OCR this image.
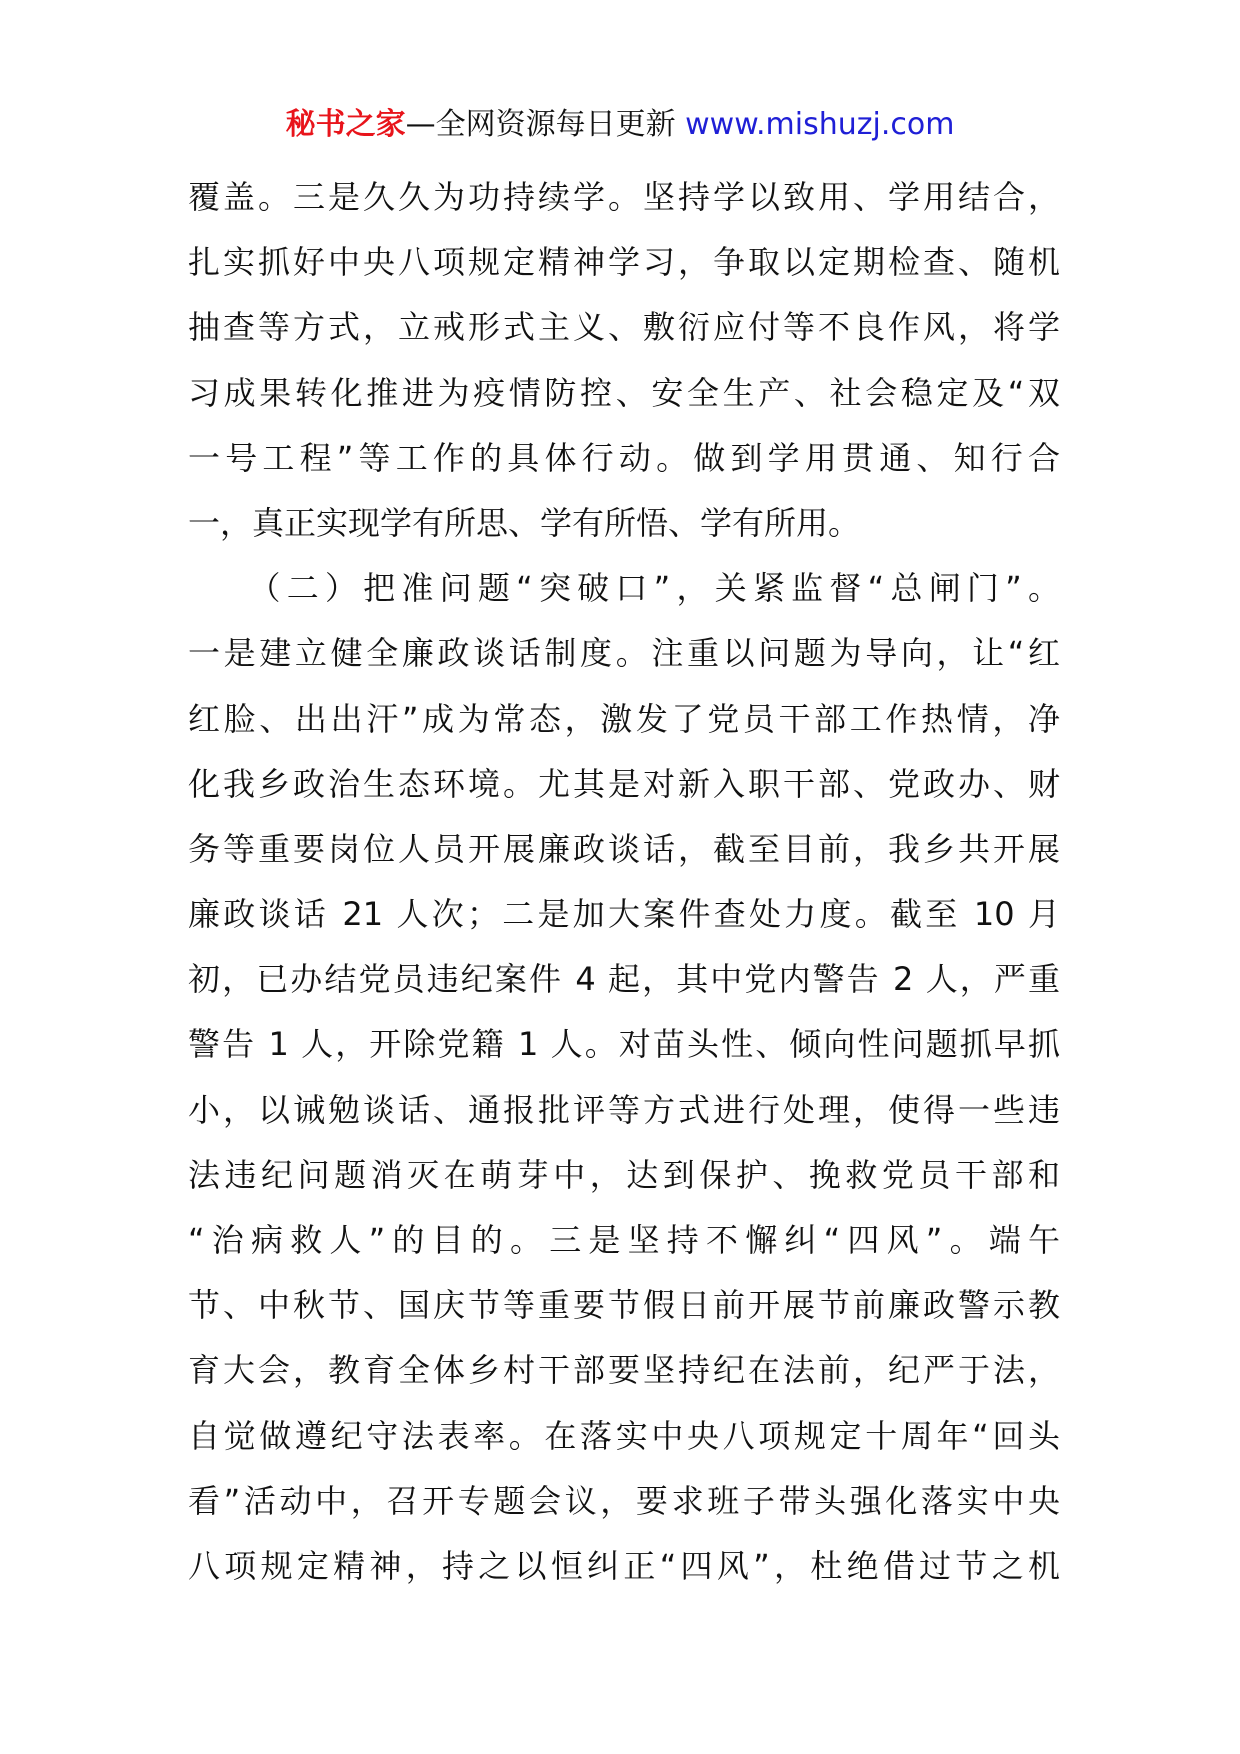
秘书之家—全网资源每日更新 www.mishuzj.com
覆盖。三是久久为功持续学。坚持学以致用、学用结合，
扎实抓好中央八项规定精神学习，争取以定期检查、随机
抽查等方式，立戒形式主义、敷衍应付等不良作风，将学
习成果转化推进为疫情防控、安全生产、社会稳定及“双
一号工程”等工作的具体行动。做到学用贯通、知行合
一，真正实现学有所思、学有所悟、学有所用。
　　（二）把准问题“突破口”，关紧监督“总闸门”。
一是建立健全廉政谈话制度。注重以问题为导向，让“红
红脸、出出汗”成为常态，激发了党员干部工作热情，净
化我乡政治生态环境。尤其是对新入职干部、党政办、财
务等重要岗位人员开展廉政谈话，截至目前，我乡共开展
廉政谈话 21 人次；二是加大案件查处力度。截至 10 月
初，已办结党员违纪案件 4 起，其中党内警告 2 人，严重
警告 1 人，开除党籍 1 人。对苗头性、倾向性问题抓早抓
小，以诫勉谈话、通报批评等方式进行处理，使得一些违
法违纪问题消灭在萌芽中，达到保护、挽救党员干部和
“治病救人”的目的。三是坚持不懈纠“四风”。端午
节、中秋节、国庆节等重要节假日前开展节前廉政警示教
育大会，教育全体乡村干部要坚持纪在法前，纪严于法，
自觉做遵纪守法表率。在落实中央八项规定十周年“回头
看”活动中，召开专题会议，要求班子带头强化落实中央
八项规定精神，持之以恒纠正“四风”，杜绝借过节之机
